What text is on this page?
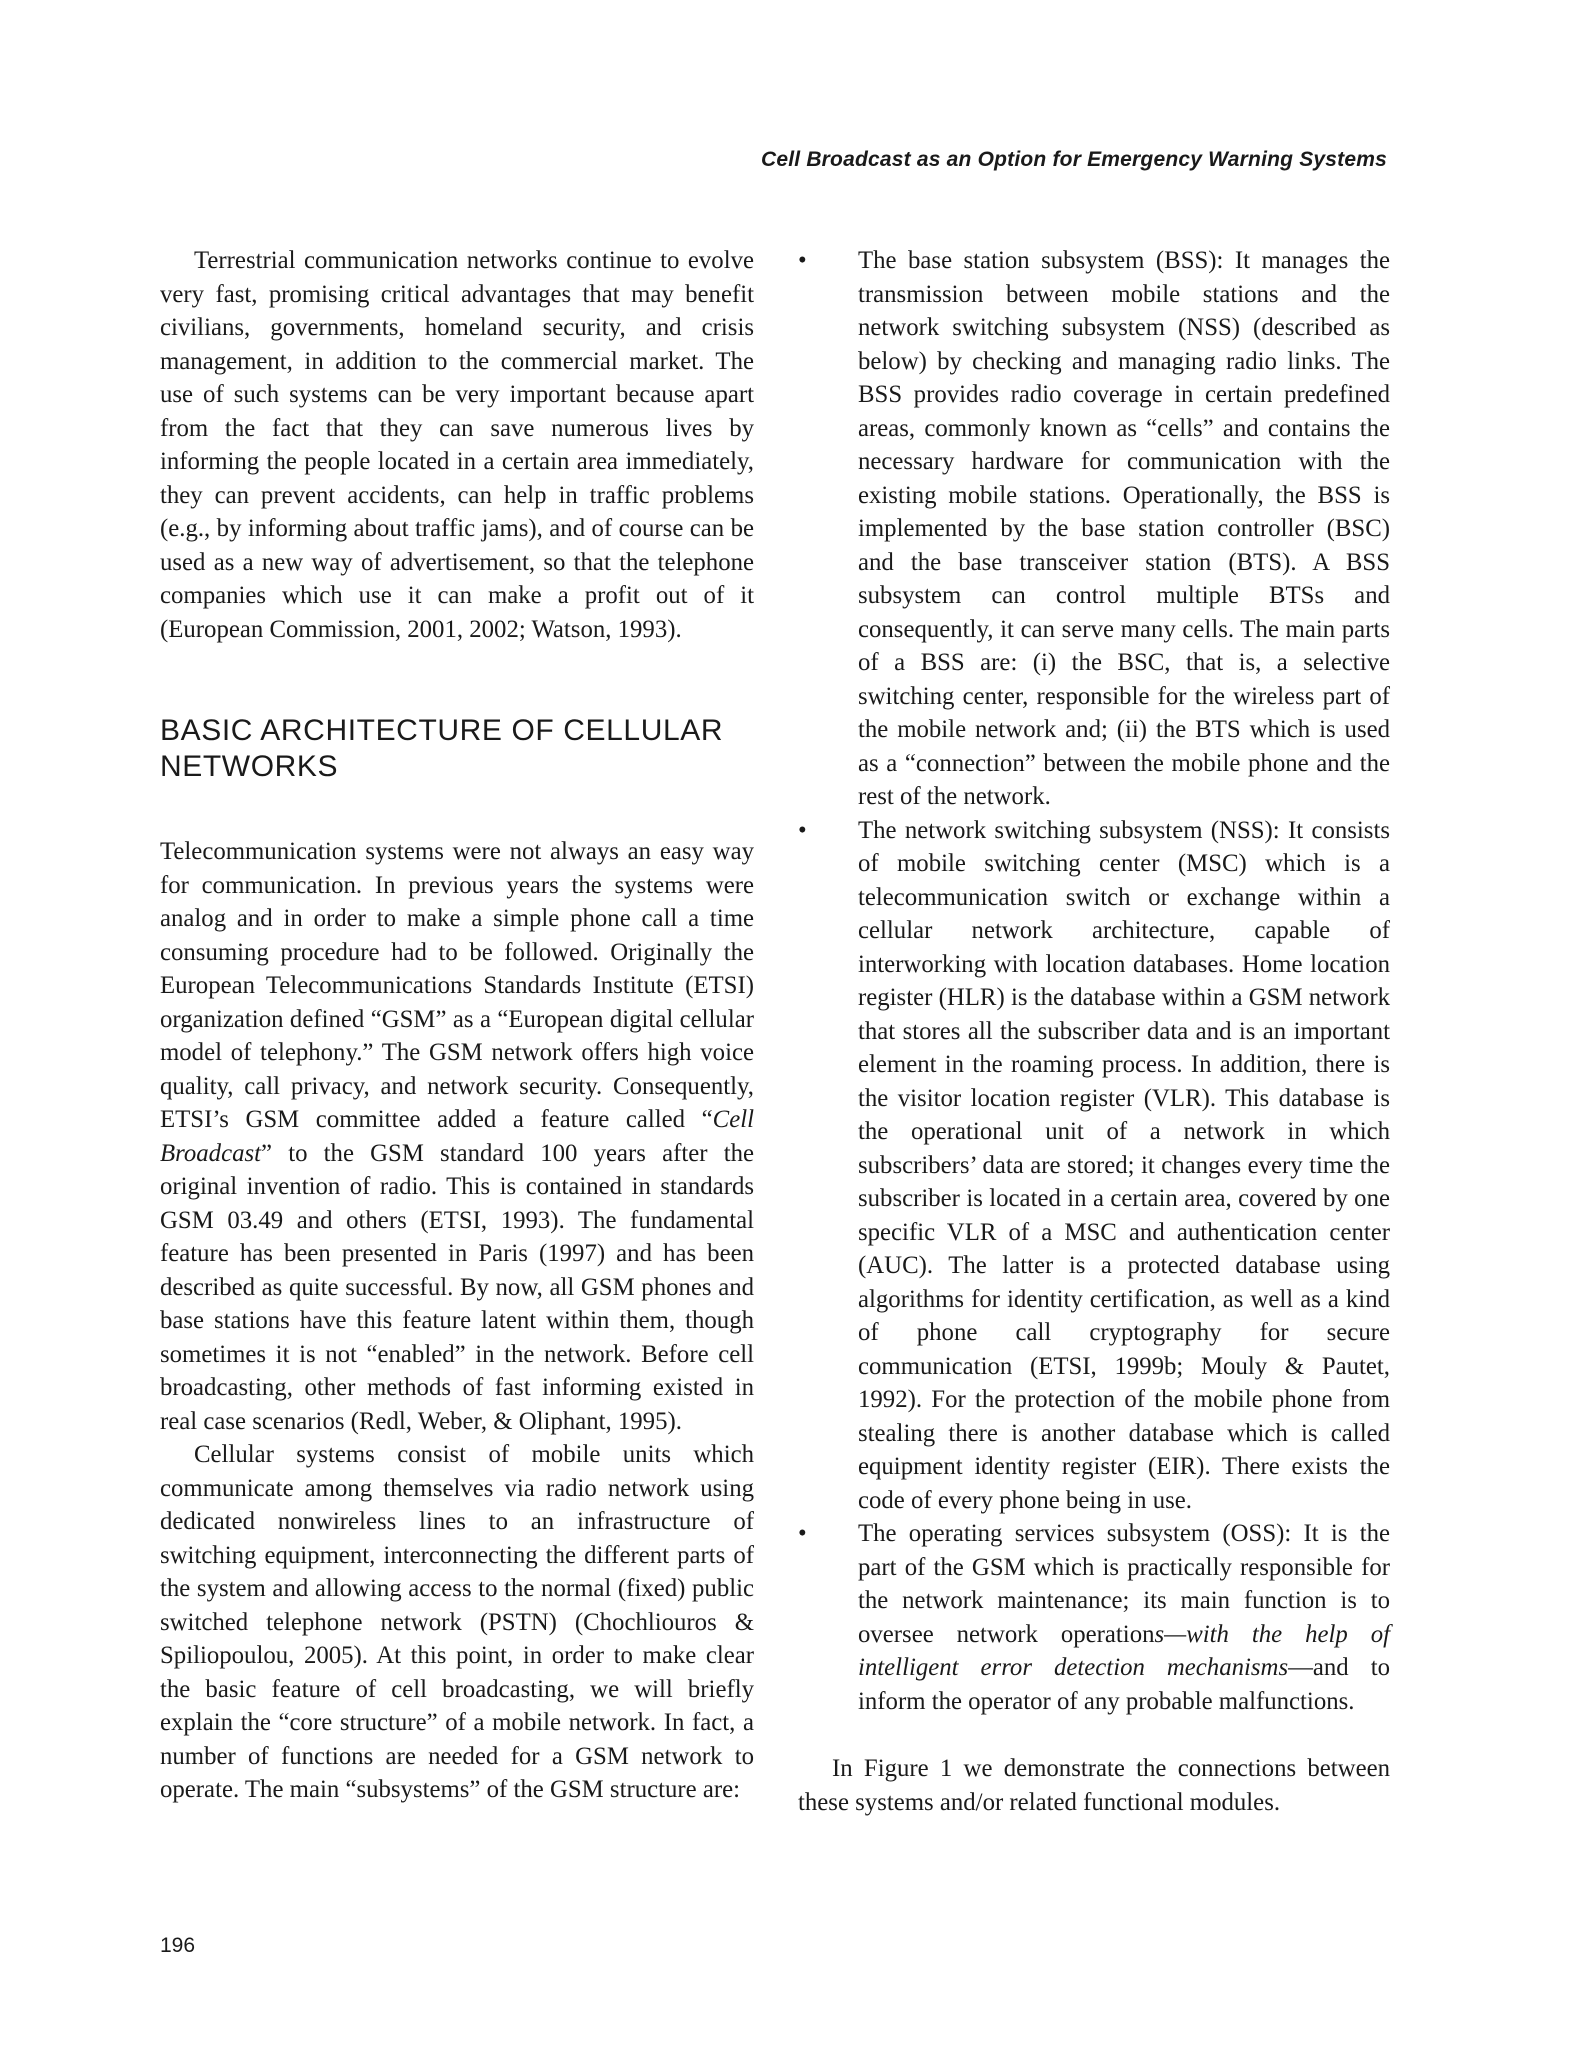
Cell Broadcast as an Option for Emergency Warning Systems

Terrestrial communication networks continue to evolve very fast, promising critical advantages that may benefit civilians, governments, homeland security, and crisis management, in addition to the commercial market. The use of such systems can be very important because apart from the fact that they can save numerous lives by informing the people located in a certain area immediately, they can prevent accidents, can help in traffic problems (e.g., by informing about traffic jams), and of course can be used as a new way of advertisement, so that the telephone companies which use it can make a profit out of it (European Commission, 2001, 2002; Watson, 1993).

BASIC ARCHITECTURE OF CELLULAR NETWORKS

Telecommunication systems were not always an easy way for communication. In previous years the systems were analog and in order to make a simple phone call a time consuming procedure had to be followed. Originally the European Telecommunications Standards Institute (ETSI) organization defined “GSM” as a “European digital cellular model of telephony.” The GSM network offers high voice quality, call privacy, and network security. Consequently, ETSI’s GSM committee added a feature called “Cell Broadcast” to the GSM standard 100 years after the original invention of radio. This is contained in standards GSM 03.49 and others (ETSI, 1993). The fundamental feature has been presented in Paris (1997) and has been described as quite successful. By now, all GSM phones and base stations have this feature latent within them, though sometimes it is not “enabled” in the network. Before cell broadcasting, other methods of fast informing existed in real case scenarios (Redl, Weber, & Oliphant, 1995).

Cellular systems consist of mobile units which communicate among themselves via radio network using dedicated nonwireless lines to an infrastructure of switching equipment, interconnecting the different parts of the system and allowing access to the normal (fixed) public switched telephone network (PSTN) (Chochliouros & Spiliopoulou, 2005). At this point, in order to make clear the basic feature of cell broadcasting, we will briefly explain the “core structure” of a mobile network. In fact, a number of functions are needed for a GSM network to operate. The main “subsystems” of the GSM structure are:

• The base station subsystem (BSS): It manages the transmission between mobile stations and the network switching subsystem (NSS) (described as below) by checking and managing radio links. The BSS provides radio coverage in certain predefined areas, commonly known as “cells” and contains the necessary hardware for communication with the existing mobile stations. Operationally, the BSS is implemented by the base station controller (BSC) and the base transceiver station (BTS). A BSS subsystem can control multiple BTSs and consequently, it can serve many cells. The main parts of a BSS are: (i) the BSC, that is, a selective switching center, responsible for the wireless part of the mobile network and; (ii) the BTS which is used as a “connection” between the mobile phone and the rest of the network.
• The network switching subsystem (NSS): It consists of mobile switching center (MSC) which is a telecommunication switch or exchange within a cellular network architecture, capable of interworking with location databases. Home location register (HLR) is the database within a GSM network that stores all the subscriber data and is an important element in the roaming process. In addition, there is the visitor location register (VLR). This database is the operational unit of a network in which subscribers’ data are stored; it changes every time the subscriber is located in a certain area, covered by one specific VLR of a MSC and authentication center (AUC). The latter is a protected database using algorithms for identity certification, as well as a kind of phone call cryptography for secure communication (ETSI, 1999b; Mouly & Pautet, 1992). For the protection of the mobile phone from stealing there is another database which is called equipment identity register (EIR). There exists the code of every phone being in use.
• The operating services subsystem (OSS): It is the part of the GSM which is practically responsible for the network maintenance; its main function is to oversee network operations—with the help of intelligent error detection mechanisms—and to inform the operator of any probable malfunctions.

In Figure 1 we demonstrate the connections between these systems and/or related functional modules.

196
